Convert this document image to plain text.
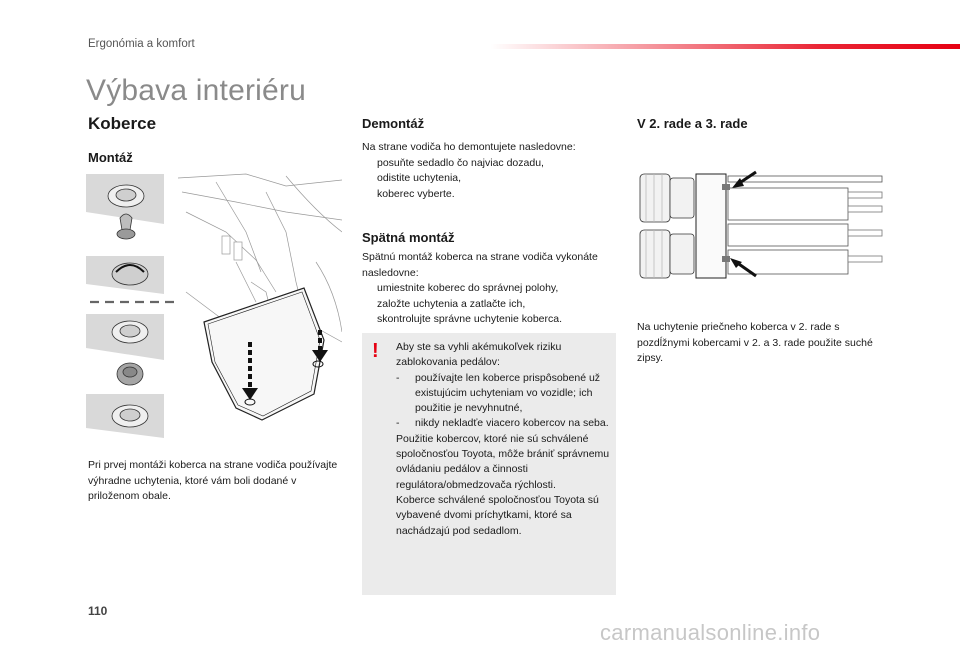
Ergonómia a komfort
Výbava interiéru
Koberce
Montáž
Pri prvej montáži koberca na strane vodiča používajte výhradne uchytenia, ktoré vám boli dodané v priloženom obale.
Demontáž
Na strane vodiča ho demontujete nasledovne:
posuňte sedadlo čo najviac dozadu,
odistite uchytenia,
koberec vyberte.
Spätná montáž
Spätnú montáž koberca na strane vodiča vykonáte nasledovne:
umiestnite koberec do správnej polohy,
založte uchytenia a zatlačte ich,
skontrolujte správne uchytenie koberca.
! Aby ste sa vyhli akémukoľvek riziku zablokovania pedálov:
- používajte len koberce prispôsobené už existujúcim uchyteniam vo vozidle; ich použitie je nevyhnutné,
- nikdy nekladťe viacero kobercov na seba.
Použitie kobercov, ktoré nie sú schválené spoločnosťou Toyota, môže brániť správnemu ovládaniu pedálov a činnosti regulátora/obmedzovača rýchlosti.
Koberce schválené spoločnosťou Toyota sú vybavené dvomi príchytkami, ktoré sa nachádzajú pod sedadlom.
V 2. rade a 3. rade
Na uchytenie priečneho koberca v 2. rade s pozdĺžnymi kobercami v 2. a 3. rade použite suché zipsy.
110
carmanualsonline.info
